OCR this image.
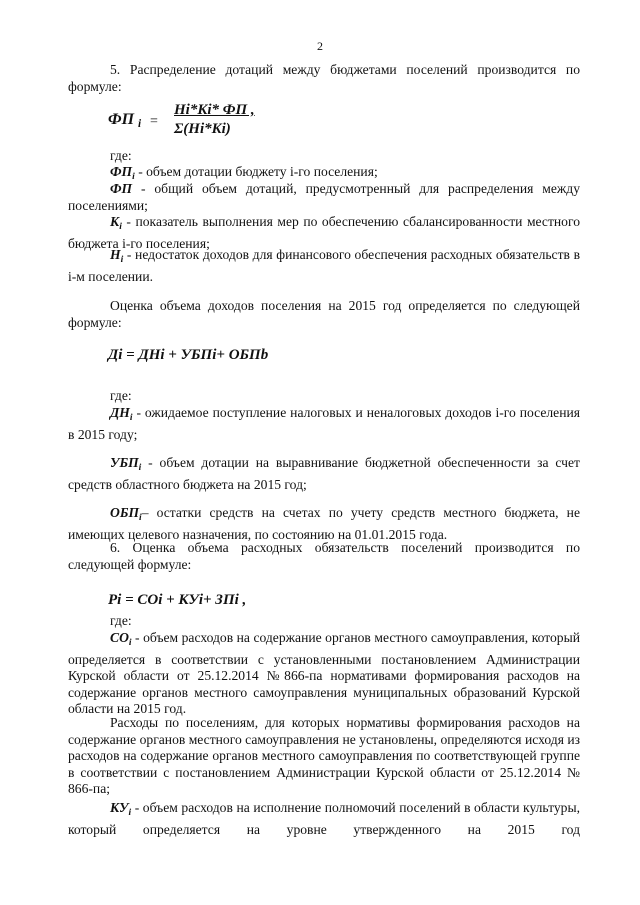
2

5. Распределение дотаций между бюджетами поселений производится по формуле:

Hi*Ki* ФП ,
Σ(Hi*Ki)
ФП $_i$ =

где:

$ФП_i$ - объем дотации бюджету i-го поселения;

ФП - общий объем дотаций, предусмотренный для распределения между поселениями;

$К_i$ - показатель выполнения мер по обеспечению сбалансированности местного бюджета i-го поселения;

$Н_i$ - недостаток доходов для финансового обеспечения расходных обязательств в i-м поселении.

Оценка объема доходов поселения на 2015 год определяется по следующей формуле:

Дi = ДНi + УБПi+ ОБПb

где:

$ДН_i$ - ожидаемое поступление налоговых и неналоговых доходов i-го поселения в 2015 году;

$УБП_i$ - объем дотации на выравнивание бюджетной обеспеченности за счет средств областного бюджета на 2015 год;

$ОБП_i-$ остатки средств на счетах по учету средств местного бюджета, не имеющих целевого назначения, по состоянию на 01.01.2015 года.

6. Оценка объема расходных обязательств поселений производится по следующей формуле:

Pi = COi + КУi+ ЗПi ,

где:

$СО_i$ - объем расходов на содержание органов местного самоуправления, который определяется в соответствии с установленными постановлением Администрации Курской области от 25.12.2014 №866-па нормативами формирования расходов на содержание органов местного самоуправления муниципальных образований Курской области на 2015 год.

Расходы по поселениям, для которых нормативы формирования расходов на содержание органов местного самоуправления не установлены, определяются исходя из расходов на содержание органов местного самоуправления по соответствующей группе в соответствии с постановлением Администрации Курской области от 25.12.2014 № 866-па;

$КУ_i$ - объем расходов на исполнение полномочий поселений в области культуры, который определяется на уровне утвержденного на 2015 год
